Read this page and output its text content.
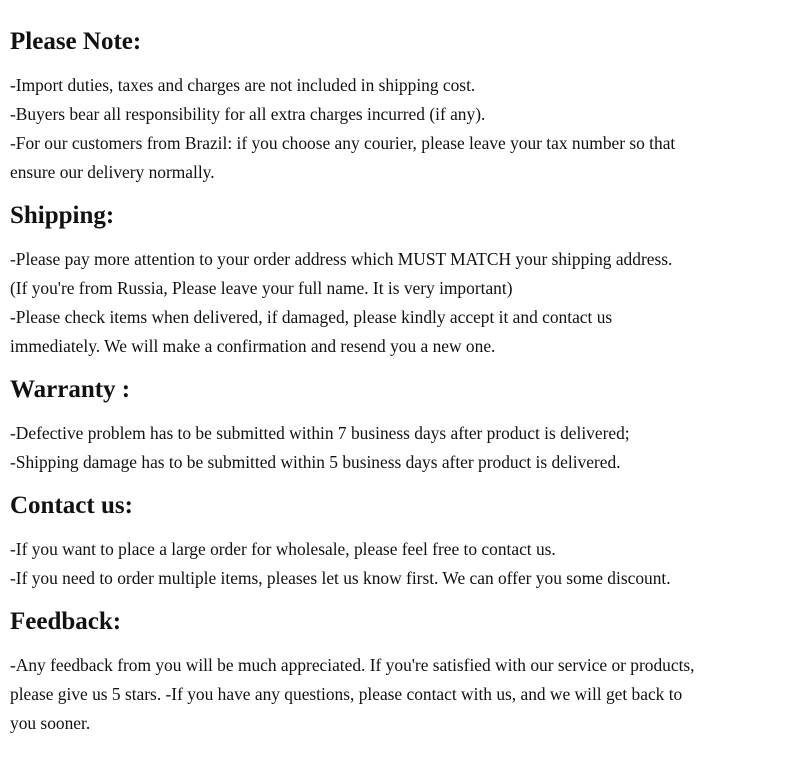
Please Note:

-Import duties, taxes and charges are not included in shipping cost.

-Buyers bear all responsibility for all extra charges incurred (if any).

-For our customers from Brazil: if you choose any courier, please leave your tax number so that

ensure our delivery normally.

Shipping:

-Please pay more attention to your order address which MUST MATCH your shipping address.

(If you're from Russia, Please leave your full name. It is very important)

-Please check items when delivered, if damaged, please kindly accept it and contact us

immediately. We will make a confirmation and resend you a new one.

Warranty :

-Defective problem has to be submitted within 7 business days after product is delivered;

-Shipping damage has to be submitted within 5 business days after product is delivered.

Contact us:

-If you want to place a large order for wholesale, please feel free to contact us.

-If you need to order multiple items, pleases let us know first. We can offer you some discount.

Feedback:

-Any feedback from you will be much appreciated. If you're satisfied with our service or products,

please give us 5 stars. -If you have any questions, please contact with us, and we will get back to

you sooner.
